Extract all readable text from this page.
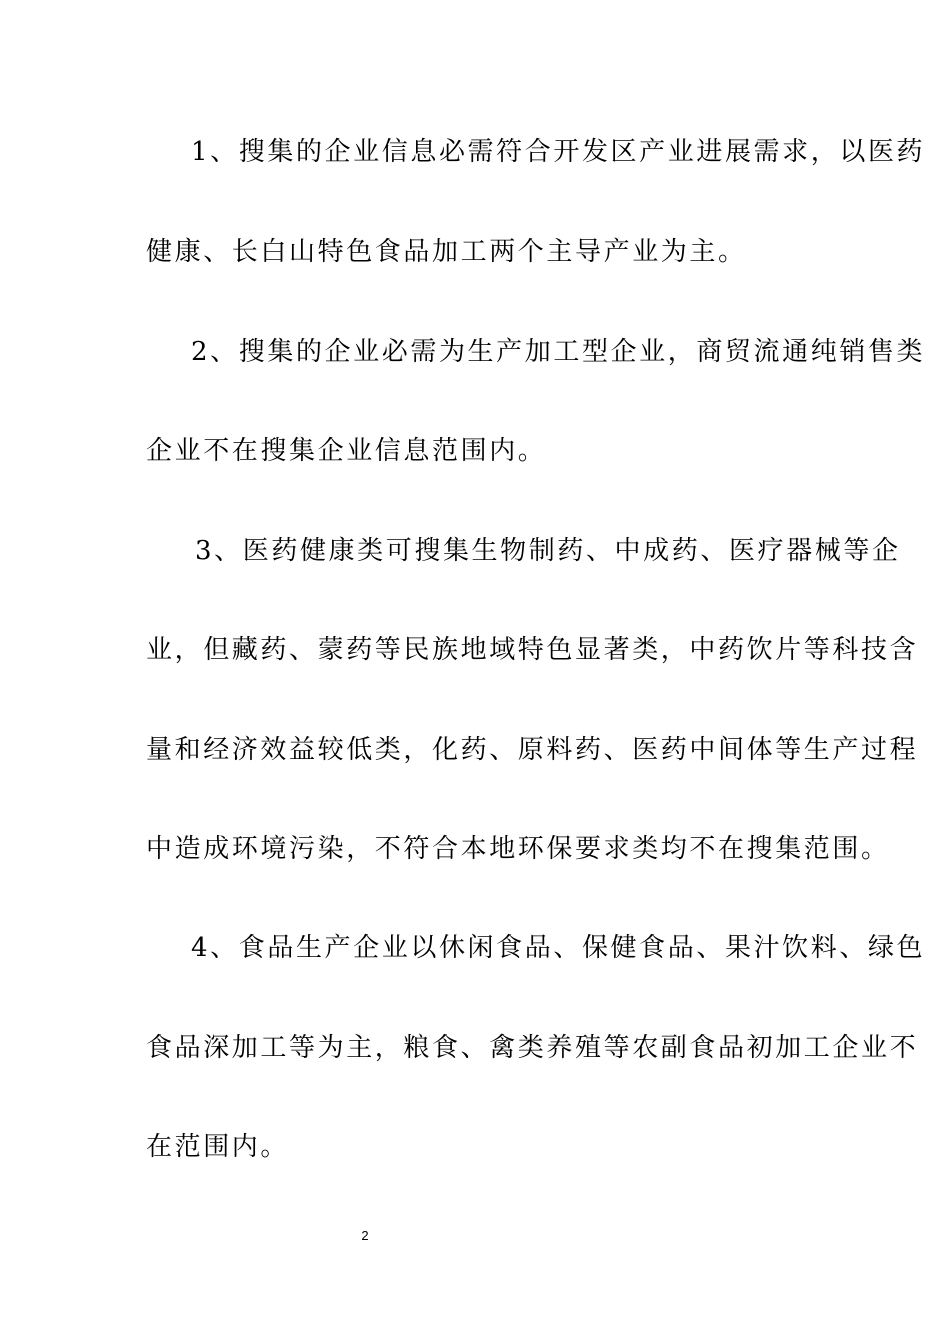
1、搜集的企业信息必需符合开发区产业进展需求，以医药
健康、长白山特色食品加工两个主导产业为主。
2、搜集的企业必需为生产加工型企业，商贸流通纯销售类
企业不在搜集企业信息范围内。
3、医药健康类可搜集生物制药、中成药、医疗器械等企
业，但藏药、蒙药等民族地域特色显著类，中药饮片等科技含
量和经济效益较低类，化药、原料药、医药中间体等生产过程
中造成环境污染，不符合本地环保要求类均不在搜集范围。
4、食品生产企业以休闲食品、保健食品、果汁饮料、绿色
食品深加工等为主，粮食、禽类养殖等农副食品初加工企业不
在范围内。
2
